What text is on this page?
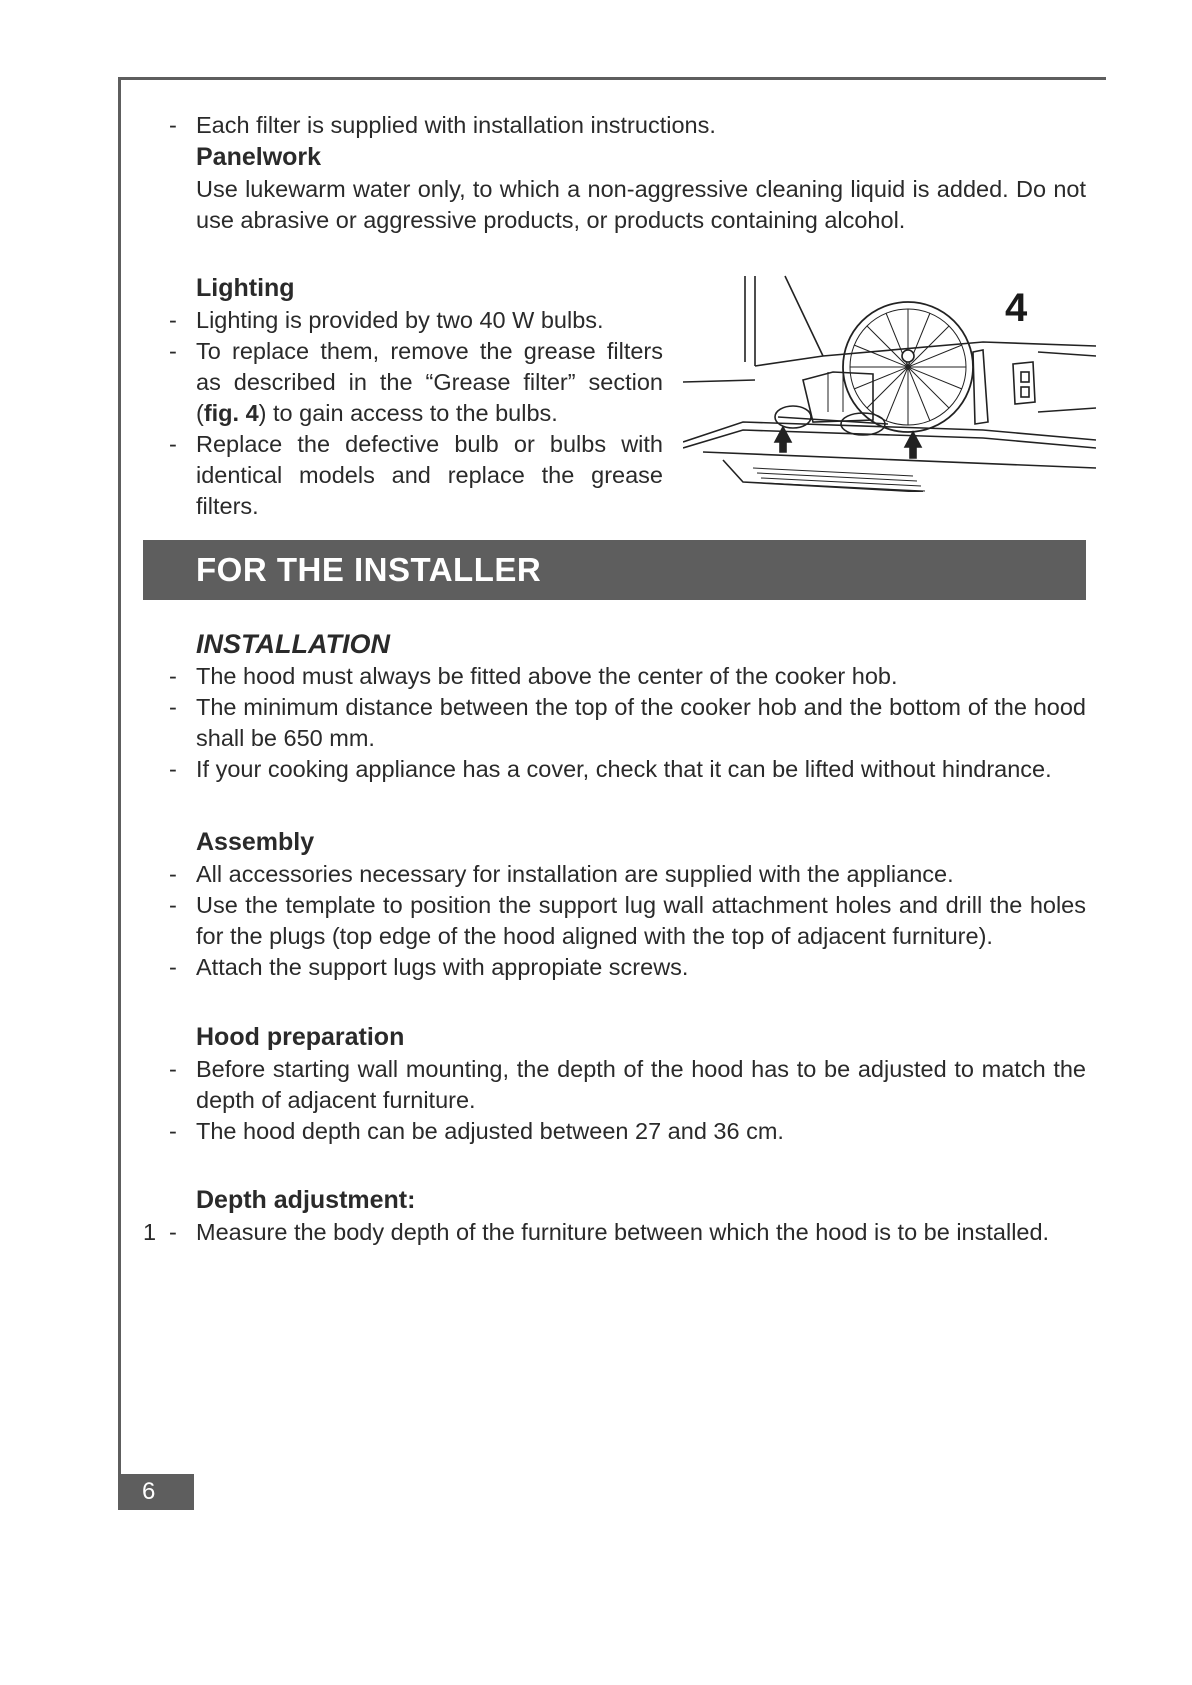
- Each filter is supplied with installation instructions.
Panelwork
Use lukewarm water only, to which a non-aggressive cleaning liquid is added. Do not use abrasive or aggressive products, or products containing alcohol.
Lighting
- Lighting is provided by two 40 W bulbs.
- To replace them, remove the grease filters as described in the “Grease filter” section (fig. 4) to gain access to the bulbs.
- Replace the defective bulb or bulbs with identical models and replace the grease filters.
4
FOR THE INSTALLER
INSTALLATION
- The hood must always be fitted above the center of the cooker hob.
- The minimum distance between the top of the cooker hob and the bottom of the hood shall be 650 mm.
- If your cooking appliance has a cover, check that it can be lifted without hindrance.
Assembly
- All accessories necessary for installation are supplied with the appliance.
- Use the template to position the support lug wall attachment holes and drill the holes for the plugs (top edge of the hood aligned with the top of adjacent furniture).
- Attach the support lugs with appropiate screws.
Hood preparation
- Before starting wall mounting, the depth of the hood has to be adjusted to match the depth of adjacent furniture.
- The hood depth can be adjusted between 27 and 36 cm.
Depth adjustment:
1 - Measure the body depth of the furniture between which the hood is to be installed.
6
